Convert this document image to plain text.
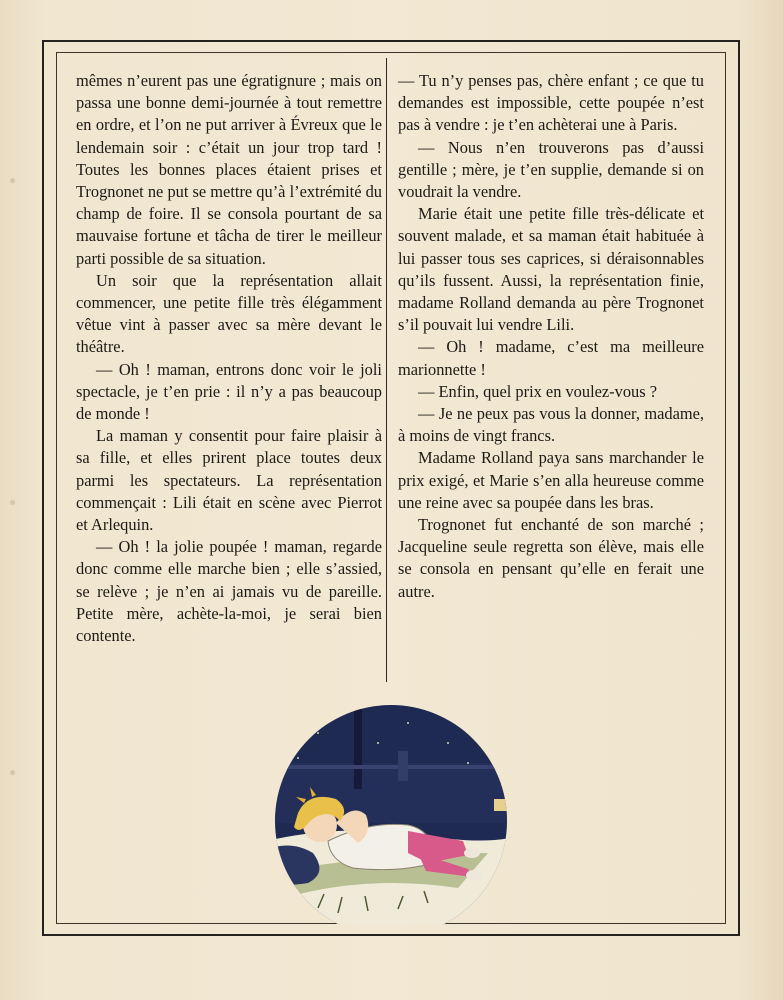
mêmes n’eurent pas une égratignure ; mais on passa une bonne demi-journée à tout remettre en ordre, et l’on ne put arriver à Évreux que le lendemain soir : c’était un jour trop tard ! Toutes les bonnes places étaient prises et Trognonet ne put se mettre qu’à l’extrémité du champ de foire. Il se consola pourtant de sa mauvaise fortune et tâcha de tirer le meilleur parti possible de sa situation.

Un soir que la représentation allait commencer, une petite fille très élégamment vêtue vint à passer avec sa mère devant le théâtre.

— Oh ! maman, entrons donc voir le joli spectacle, je t’en prie : il n’y a pas beaucoup de monde !

La maman y consentit pour faire plaisir à sa fille, et elles prirent place toutes deux parmi les spectateurs. La représentation commençait : Lili était en scène avec Pierrot et Arlequin.

— Oh ! la jolie poupée ! maman, regarde donc comme elle marche bien ; elle s’assied, se relève ; je n’en ai jamais vu de pareille. Petite mère, achète-la-moi, je serai bien contente.

— Tu n’y penses pas, chère enfant ; ce que tu demandes est impossible, cette poupée n’est pas à vendre : je t’en achèterai une à Paris.

— Nous n’en trouverons pas d’aussi gentille ; mère, je t’en supplie, demande si on voudrait la vendre.

Marie était une petite fille très-délicate et souvent malade, et sa maman était habituée à lui passer tous ses caprices, si déraisonnables qu’ils fussent. Aussi, la représentation finie, madame Rolland demanda au père Trognonet s’il pouvait lui vendre Lili.

— Oh ! madame, c’est ma meilleure marionnette !

— Enfin, quel prix en voulez-vous ?

— Je ne peux pas vous la donner, madame, à moins de vingt francs.

Madame Rolland paya sans marchander le prix exigé, et Marie s’en alla heureuse comme une reine avec sa poupée dans les bras.

Trognonet fut enchanté de son marché ; Jacqueline seule regretta son élève, mais elle se consola en pensant qu’elle en ferait une autre.
